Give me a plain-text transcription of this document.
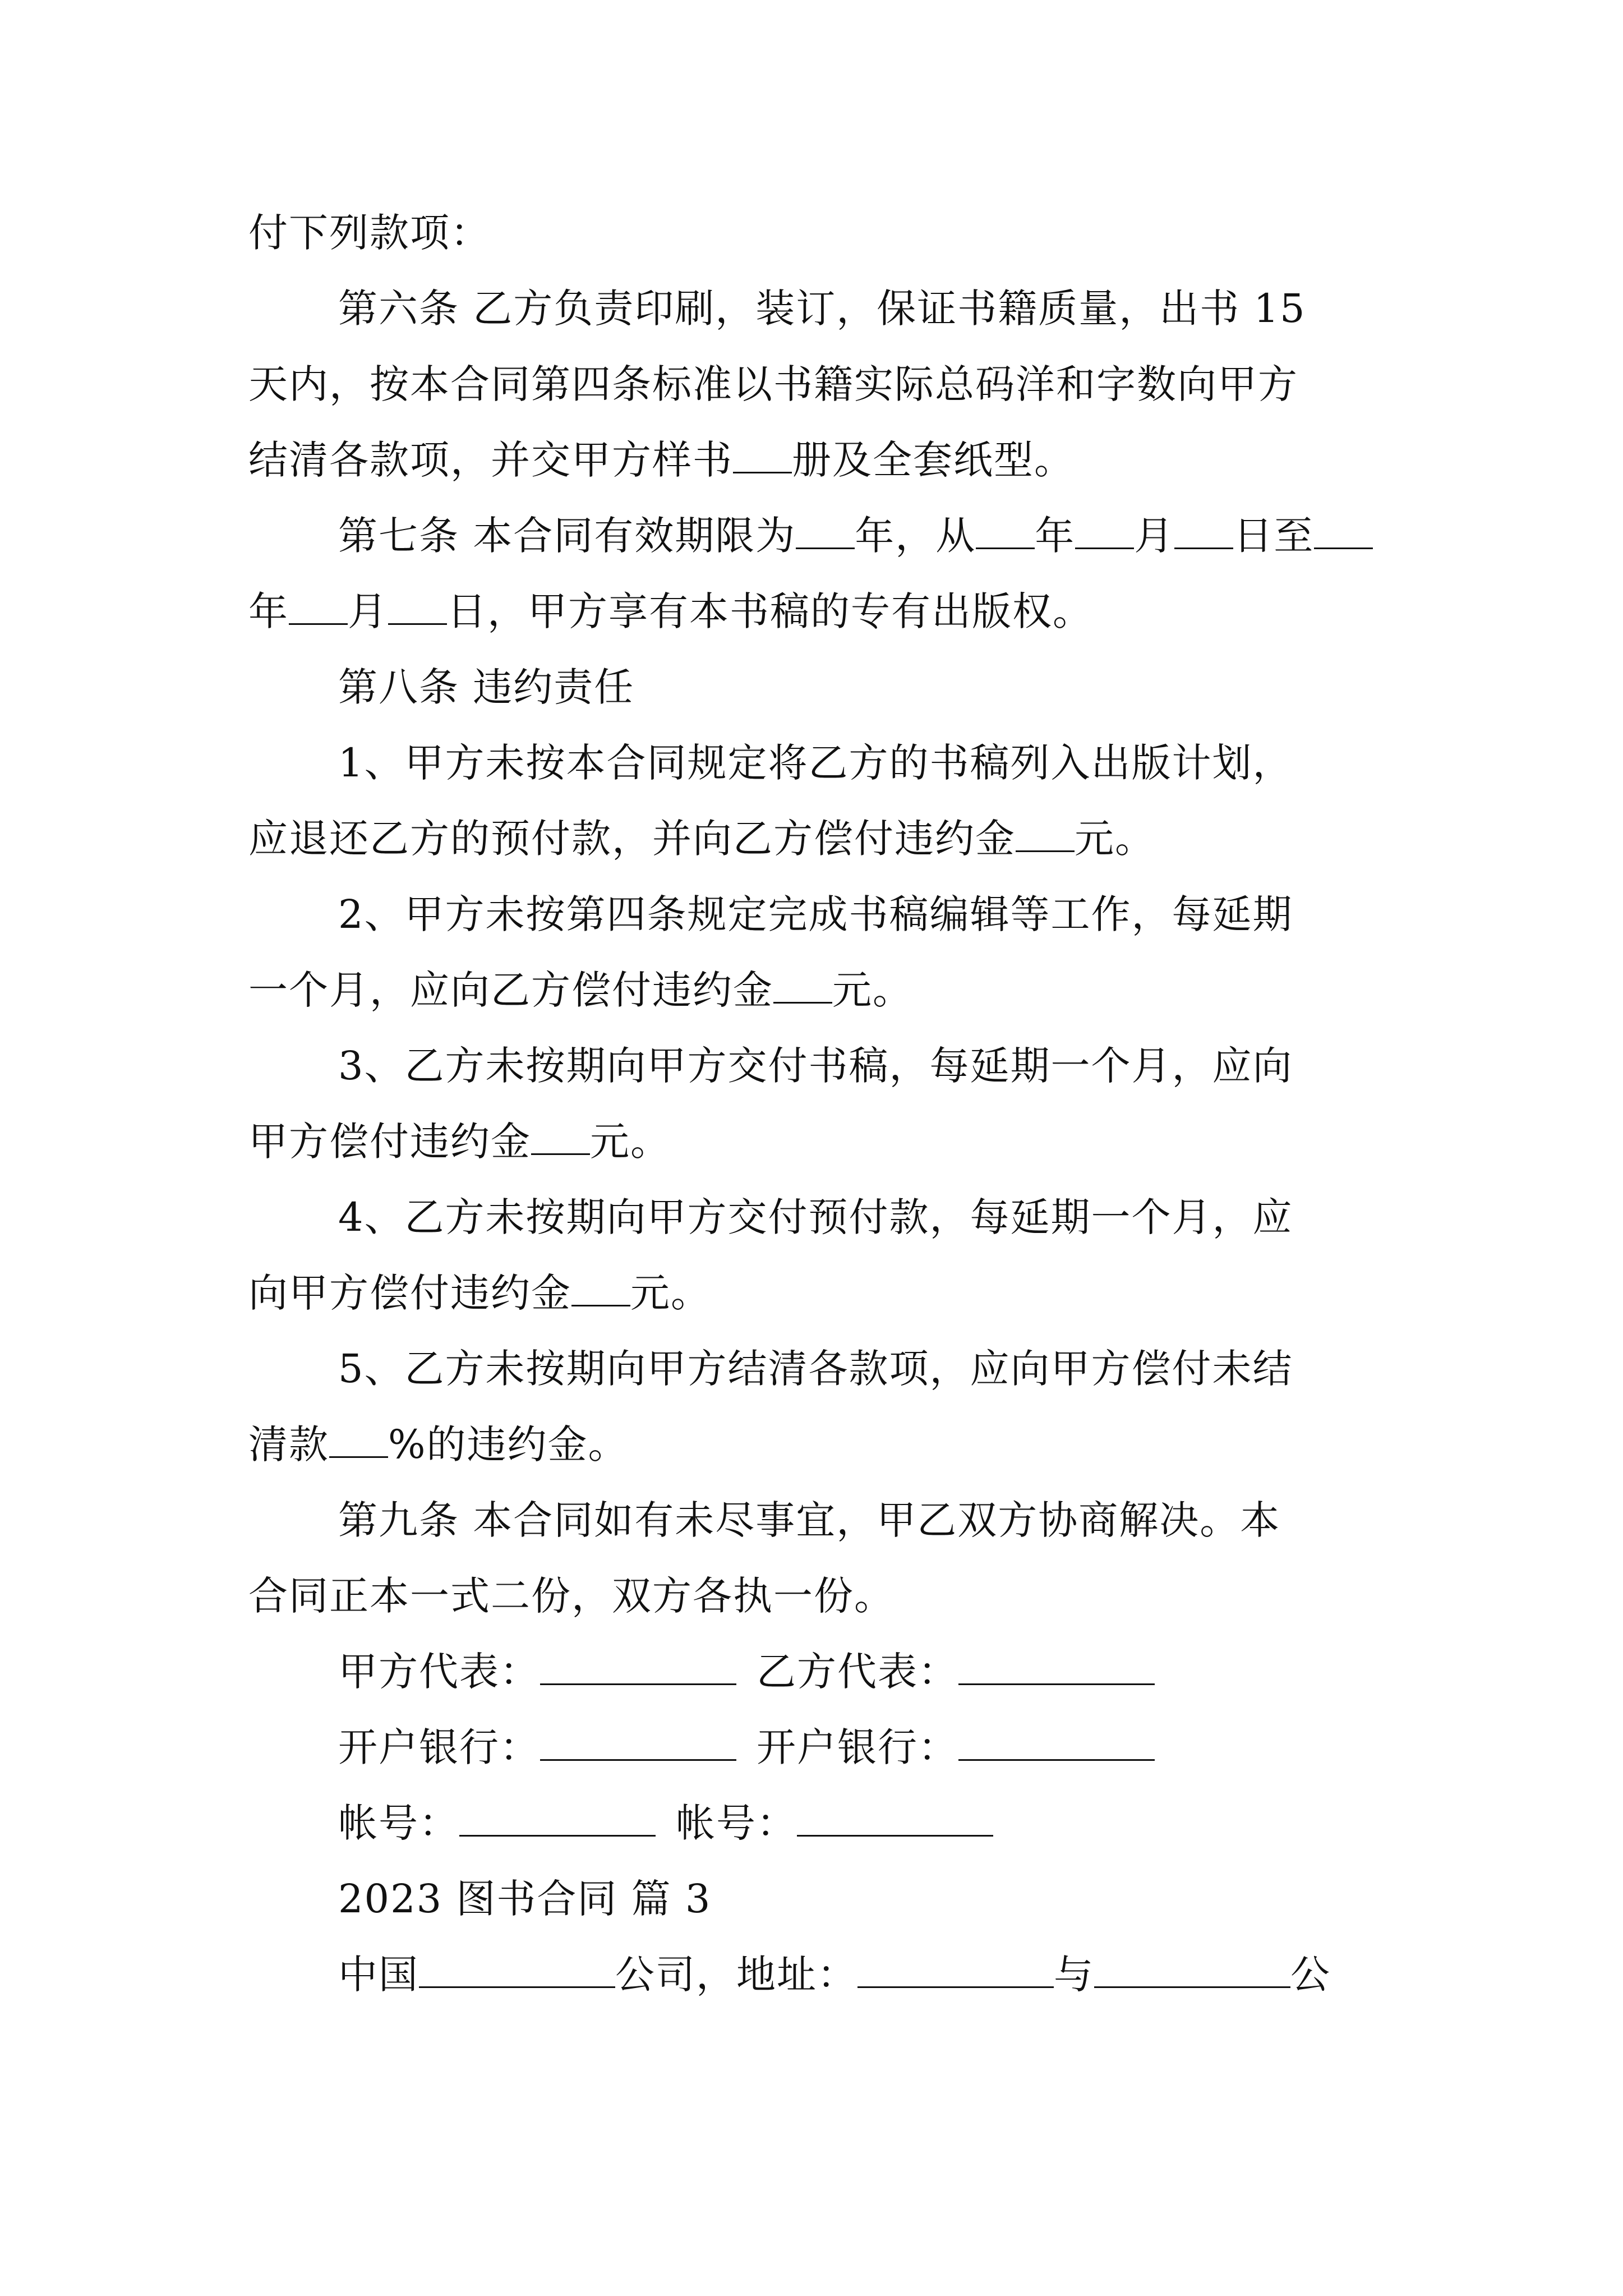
付下列款项：
第六条 乙方负责印刷，装订，保证书籍质量，出书 15
天内，按本合同第四条标准以书籍实际总码洋和字数向甲方
结清各款项，并交甲方样书 册及全套纸型。
第七条 本合同有效期限为 年，从 年 月 日至
年 月 日，甲方享有本书稿的专有出版权。
第八条 违约责任
1、甲方未按本合同规定将乙方的书稿列入出版计划，
应退还乙方的预付款，并向乙方偿付违约金 元。
2、甲方未按第四条规定完成书稿编辑等工作，每延期
一个月，应向乙方偿付违约金 元。
3、乙方未按期向甲方交付书稿，每延期一个月，应向
甲方偿付违约金 元。
4、乙方未按期向甲方交付预付款，每延期一个月，应
向甲方偿付违约金 元。
5、乙方未按期向甲方结清各款项，应向甲方偿付未结
清款 %的违约金。
第九条 本合同如有未尽事宜，甲乙双方协商解决。本
合同正本一式二份，双方各执一份。
甲方代表：	乙方代表：
开户银行：	开户银行：
帐号：	帐号：
2023 图书合同 篇 3
中国	公司，地址：	与	公
